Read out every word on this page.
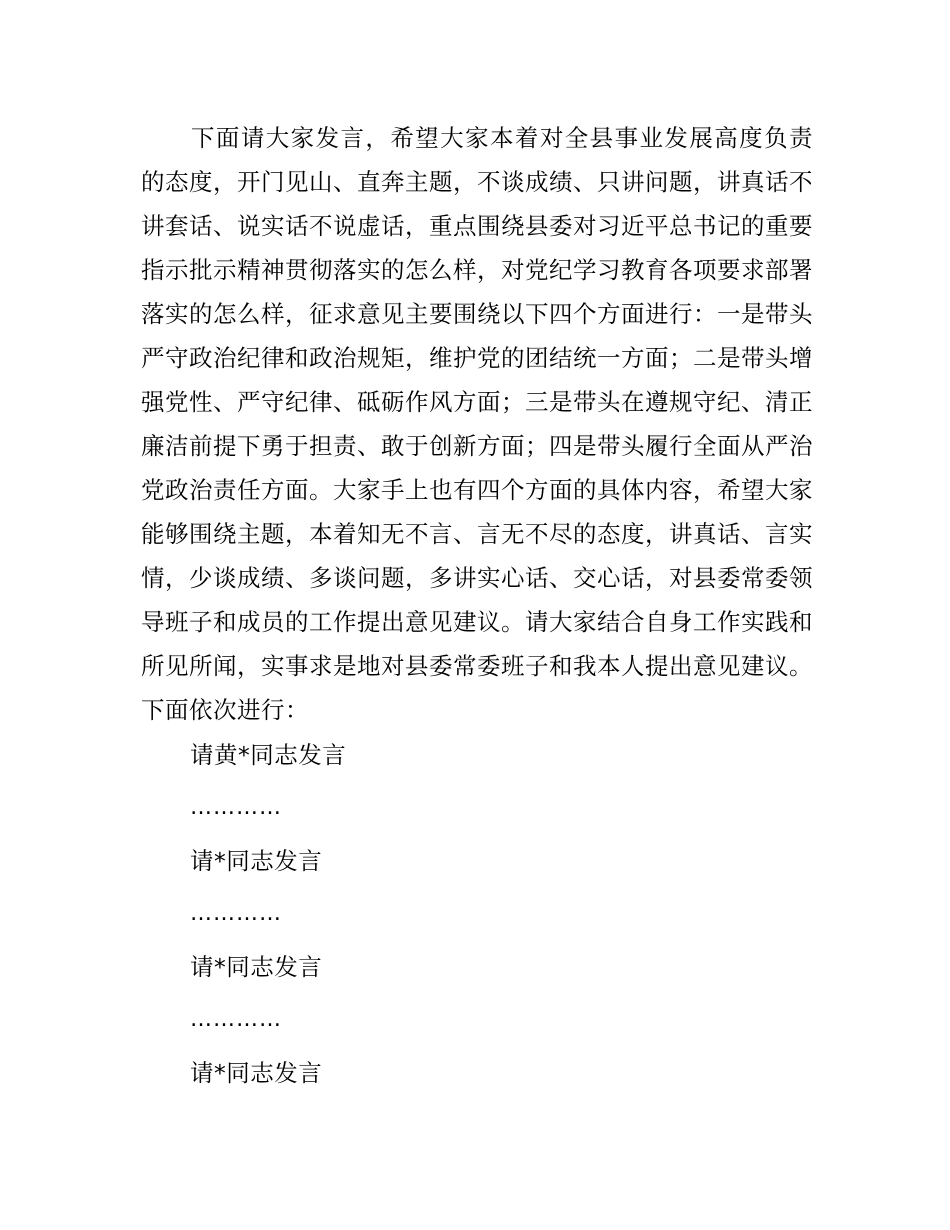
下面请大家发言，希望大家本着对全县事业发展高度负责的态度，开门见山、直奔主题，不谈成绩、只讲问题，讲真话不讲套话、说实话不说虚话，重点围绕县委对习近平总书记的重要指示批示精神贯彻落实的怎么样，对党纪学习教育各项要求部署落实的怎么样，征求意见主要围绕以下四个方面进行：一是带头严守政治纪律和政治规矩，维护党的团结统一方面；二是带头增强党性、严守纪律、砥砺作风方面；三是带头在遵规守纪、清正廉洁前提下勇于担责、敢于创新方面；四是带头履行全面从严治党政治责任方面。大家手上也有四个方面的具体内容，希望大家能够围绕主题，本着知无不言、言无不尽的态度，讲真话、言实情，少谈成绩、多谈问题，多讲实心话、交心话，对县委常委领导班子和成员的工作提出意见建议。请大家结合自身工作实践和所见所闻，实事求是地对县委常委班子和我本人提出意见建议。下面依次进行：

请黄*同志发言
…………
请*同志发言
…………
请*同志发言
…………
请*同志发言
